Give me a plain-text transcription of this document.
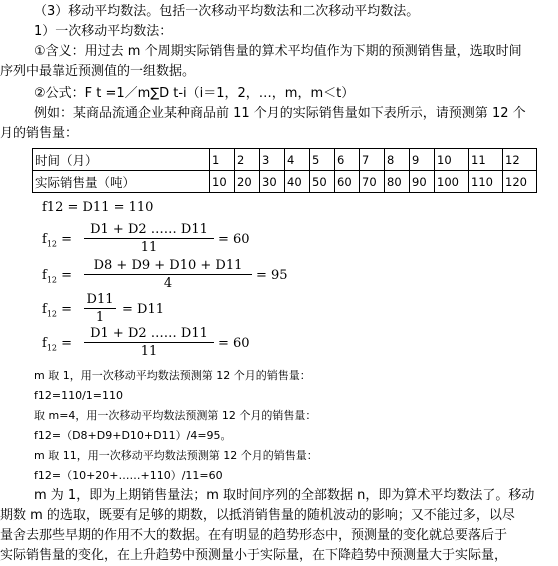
（3）移动平均数法。包括一次移动平均数法和二次移动平均数法。
1）一次移动平均数法：
①含义：用过去 m 个周期实际销售量的算术平均值作为下期的预测销售量，选取时间
序列中最靠近预测值的一组数据。
②公式：F t =1／m∑D t-i（i＝1，2，…，m，m＜t）
例如：某商品流通企业某种商品前 11 个月的实际销售量如下表所示，请预测第 12 个
月的销售量：
时间（月）	1	2	3	4	5	6	7	8	9	10	11	12
实际销售量（吨）	10	20	30	40	50	60	70	80	90	100	110	120
f12 = D11 = 110
$f_{12} = \frac{D1 + D2 \dots\dots D11}{11} = 60$
$f_{12} = \frac{D8 + D9 + D10 + D11}{4} = 95$
$f_{12} = \frac{D11}{1} = D11$
$f_{12} = \frac{D1 + D2 \dots\dots D11}{11} = 60$
m 取 1，用一次移动平均数法预测第 12 个月的销售量：
f12=110/1=110
取 m=4，用一次移动平均数法预测第 12 个月的销售量：
f12=（D8+D9+D10+D11）/4=95。
m 取 11，用一次移动平均数法预测第 12 个月的销售量：
f12=（10+20+……+110）/11=60
m 为 1，即为上期销售量法；m 取时间序列的全部数据 n，即为算术平均数法了。移动
期数 m 的选取，既要有足够的期数，以抵消销售量的随机波动的影响；又不能过多，以尽
量舍去那些早期的作用不大的数据。在有明显的趋势形态中，预测量的变化就总要落后于
实际销售量的变化，在上升趋势中预测量小于实际量，在下降趋势中预测量大于实际量，
